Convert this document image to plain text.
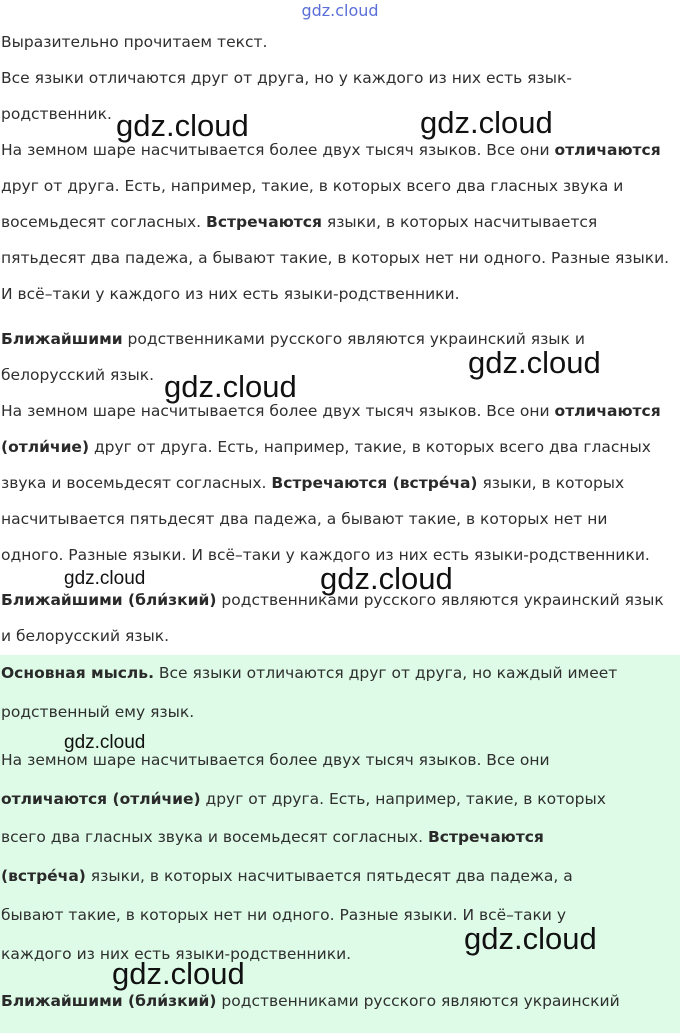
gdz.cloud
Выразительно прочитаем текст.
Все языки отличаются друг от друга, но у каждого из них есть язык-
родственник.
На земном шаре насчитывается более двух тысяч языков. Все они отличаются
друг от друга. Есть, например, такие, в которых всего два гласных звука и
восемьдесят согласных. Встречаются языки, в которых насчитывается
пятьдесят два падежа, а бывают такие, в которых нет ни одного. Разные языки.
И всё–таки у каждого из них есть языки-родственники.
Ближайшими родственниками русского являются украинский язык и
белорусский язык.
На земном шаре насчитывается более двух тысяч языков. Все они отличаются
(отли́чие) друг от друга. Есть, например, такие, в которых всего два гласных
звука и восемьдесят согласных. Встречаются (встре́ча) языки, в которых
насчитывается пятьдесят два падежа, а бывают такие, в которых нет ни
одного. Разные языки. И всё–таки у каждого из них есть языки-родственники.
Ближайшими (бли́зкий) родственниками русского являются украинский язык
и белорусский язык.
Основная мысль. Все языки отличаются друг от друга, но каждый имеет
родственный ему язык.
На земном шаре насчитывается более двух тысяч языков. Все они
отличаются (отли́чие) друг от друга. Есть, например, такие, в которых
всего два гласных звука и восемьдесят согласных. Встречаются
(встре́ча) языки, в которых насчитывается пятьдесят два падежа, а
бывают такие, в которых нет ни одного. Разные языки. И всё–таки у
каждого из них есть языки-родственники.
Ближайшими (бли́зкий) родственниками русского являются украинский
gdz.cloud	gdz.cloud
gdz.cloud
gdz.cloud
gdz.cloud	gdz.cloud
gdz.cloud
gdz.cloud
gdz.cloud
